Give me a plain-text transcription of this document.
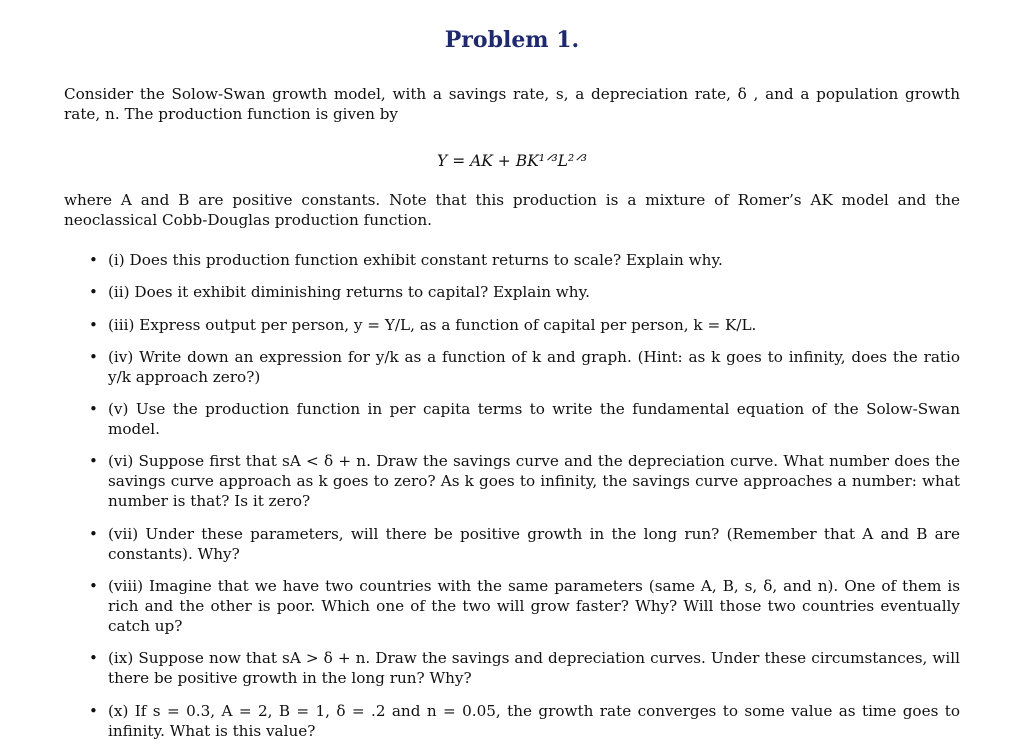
Problem 1.

Consider the Solow-Swan growth model, with a savings rate, s, a depreciation rate, δ , and a population growth rate, n. The production function is given by

Y = AK + BK¹ᐟ³L²ᐟ³

where A and B are positive constants. Note that this production is a mixture of Romer’s AK model and the neoclassical Cobb-Douglas production function.

• (i) Does this production function exhibit constant returns to scale? Explain why.
• (ii) Does it exhibit diminishing returns to capital? Explain why.
• (iii) Express output per person, y = Y/L, as a function of capital per person, k = K/L.
• (iv) Write down an expression for y/k as a function of k and graph. (Hint: as k goes to infinity, does the ratio y/k approach zero?)
• (v) Use the production function in per capita terms to write the fundamental equation of the Solow-Swan model.
• (vi) Suppose first that sA < δ + n. Draw the savings curve and the depreciation curve. What number does the savings curve approach as k goes to zero? As k goes to infinity, the savings curve approaches a number: what number is that? Is it zero?
• (vii) Under these parameters, will there be positive growth in the long run? (Remember that A and B are constants). Why?
• (viii) Imagine that we have two countries with the same parameters (same A, B, s, δ, and n). One of them is rich and the other is poor. Which one of the two will grow faster? Why? Will those two countries eventually catch up?
• (ix) Suppose now that sA > δ + n. Draw the savings and depreciation curves. Under these circumstances, will there be positive growth in the long run? Why?
• (x) If s = 0.3, A = 2, B = 1, δ = .2 and n = 0.05, the growth rate converges to some value as time goes to infinity. What is this value?
